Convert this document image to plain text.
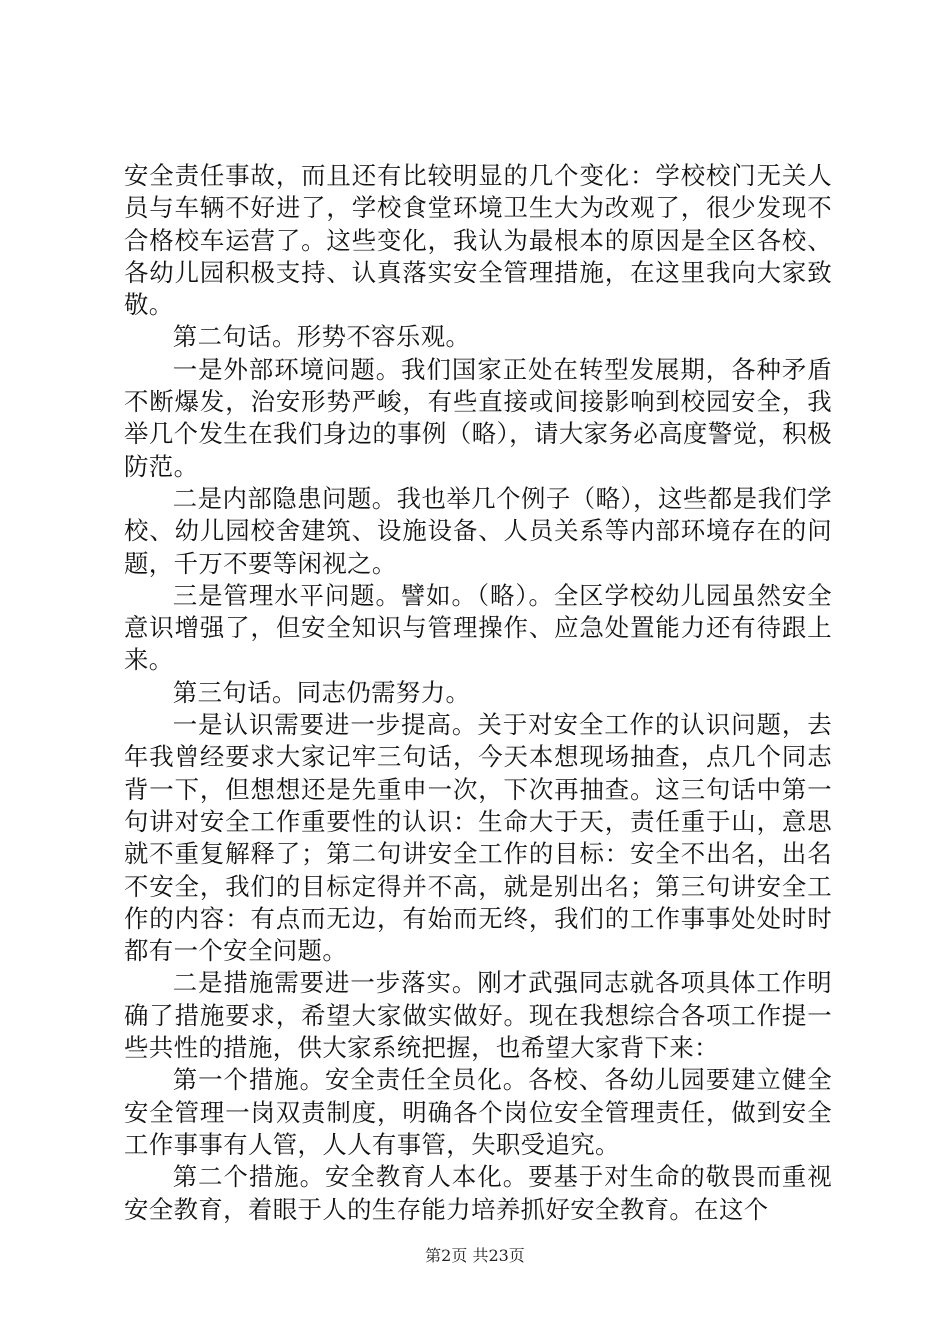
安全责任事故，而且还有比较明显的几个变化：学校校门无关人员与车辆不好进了，学校食堂环境卫生大为改观了，很少发现不合格校车运营了。这些变化，我认为最根本的原因是全区各校、各幼儿园积极支持、认真落实安全管理措施，在这里我向大家致敬。

第二句话。形势不容乐观。

一是外部环境问题。我们国家正处在转型发展期，各种矛盾不断爆发，治安形势严峻，有些直接或间接影响到校园安全，我举几个发生在我们身边的事例（略），请大家务必高度警觉，积极防范。

二是内部隐患问题。我也举几个例子（略），这些都是我们学校、幼儿园校舍建筑、设施设备、人员关系等内部环境存在的问题，千万不要等闲视之。

三是管理水平问题。譬如。（略）。全区学校幼儿园虽然安全意识增强了，但安全知识与管理操作、应急处置能力还有待跟上来。

第三句话。同志仍需努力。

一是认识需要进一步提高。关于对安全工作的认识问题，去年我曾经要求大家记牢三句话，今天本想现场抽查，点几个同志背一下，但想想还是先重申一次，下次再抽查。这三句话中第一句讲对安全工作重要性的认识：生命大于天，责任重于山，意思就不重复解释了；第二句讲安全工作的目标：安全不出名，出名不安全，我们的目标定得并不高，就是别出名；第三句讲安全工作的内容：有点而无边，有始而无终，我们的工作事事处处时时都有一个安全问题。

二是措施需要进一步落实。刚才武强同志就各项具体工作明确了措施要求，希望大家做实做好。现在我想综合各项工作提一些共性的措施，供大家系统把握，也希望大家背下来：

第一个措施。安全责任全员化。各校、各幼儿园要建立健全安全管理一岗双责制度，明确各个岗位安全管理责任，做到安全工作事事有人管，人人有事管，失职受追究。

第二个措施。安全教育人本化。要基于对生命的敬畏而重视安全教育，着眼于人的生存能力培养抓好安全教育。在这个

第2页 共23页
